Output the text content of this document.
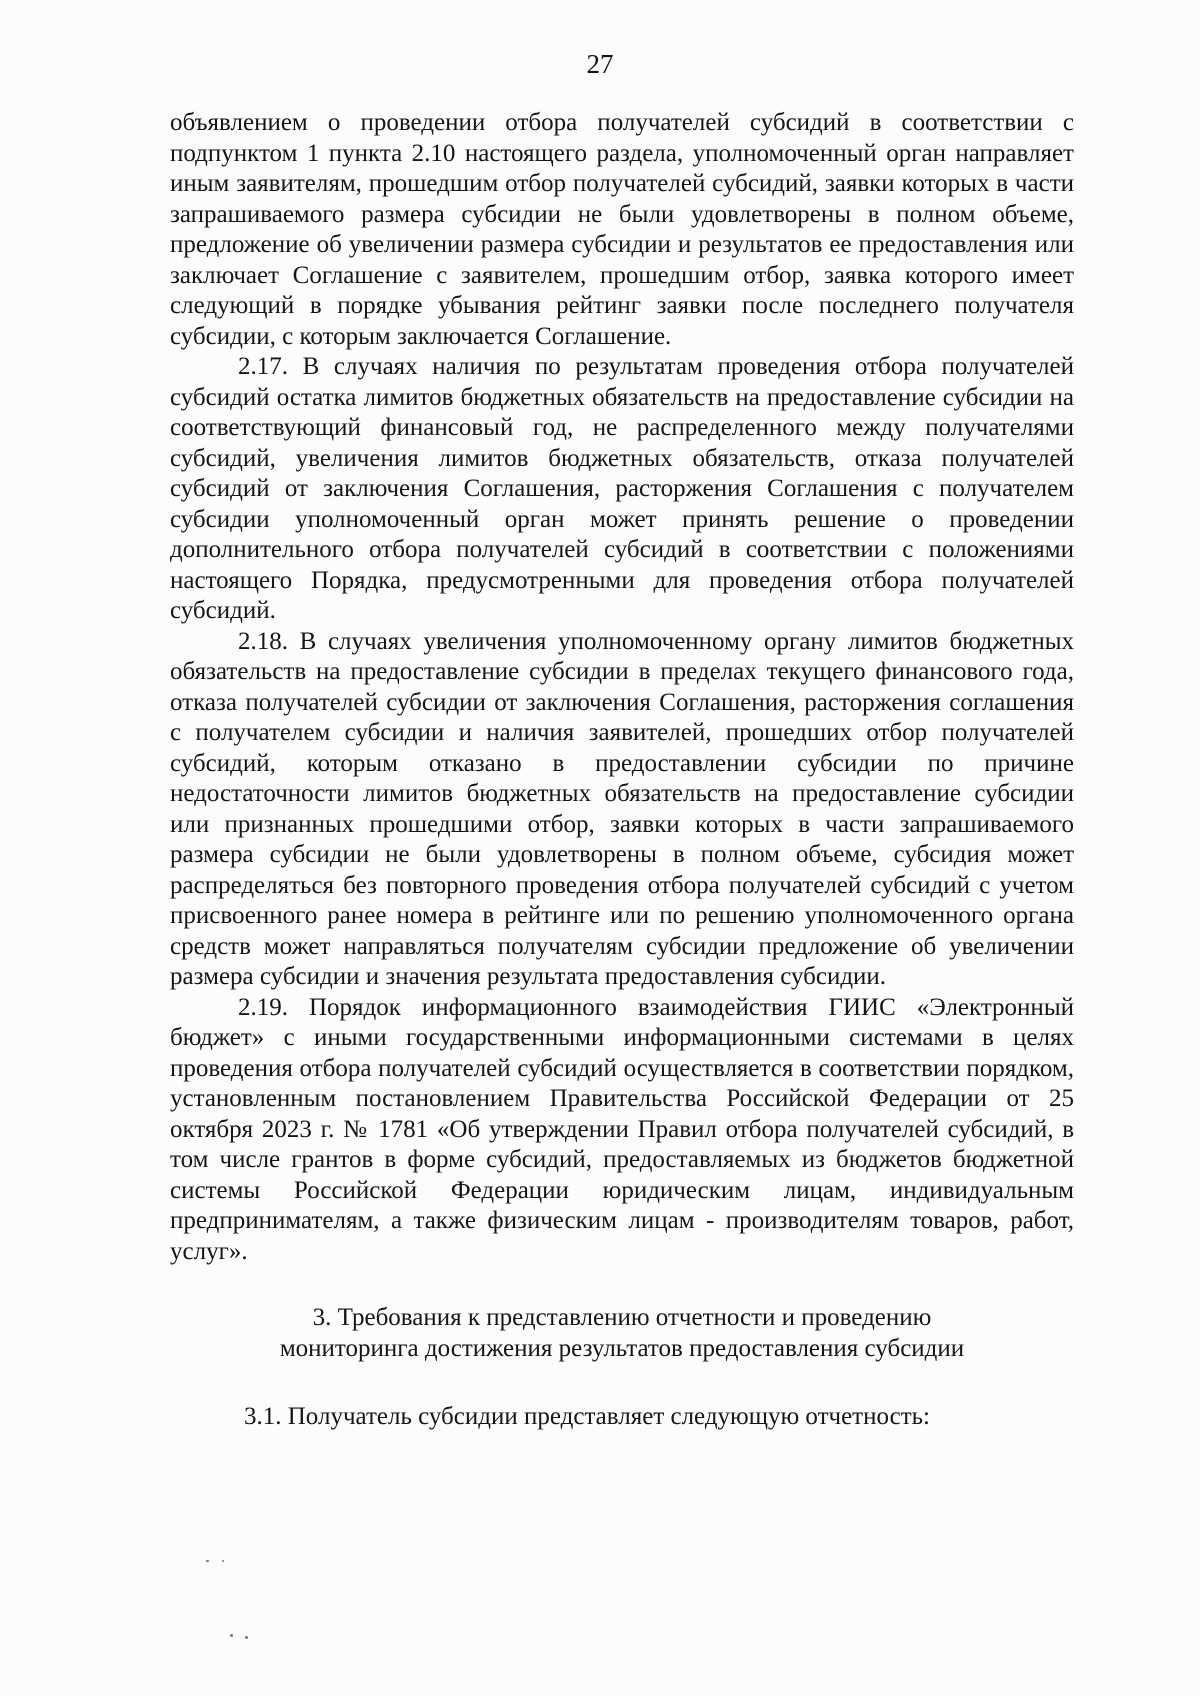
27

объявлением о проведении отбора получателей субсидий в соответствии с подпунктом 1 пункта 2.10 настоящего раздела, уполномоченный орган направляет иным заявителям, прошедшим отбор получателей субсидий, заявки которых в части запрашиваемого размера субсидии не были удовлетворены в полном объеме, предложение об увеличении размера субсидии и результатов ее предоставления или заключает Соглашение с заявителем, прошедшим отбор, заявка которого имеет следующий в порядке убывания рейтинг заявки после последнего получателя субсидии, с которым заключается Соглашение.

2.17. В случаях наличия по результатам проведения отбора получателей субсидий остатка лимитов бюджетных обязательств на предоставление субсидии на соответствующий финансовый год, не распределенного между получателями субсидий, увеличения лимитов бюджетных обязательств, отказа получателей субсидий от заключения Соглашения, расторжения Соглашения с получателем субсидии уполномоченный орган может принять решение о проведении дополнительного отбора получателей субсидий в соответствии с положениями настоящего Порядка, предусмотренными для проведения отбора получателей субсидий.

2.18. В случаях увеличения уполномоченному органу лимитов бюджетных обязательств на предоставление субсидии в пределах текущего финансового года, отказа получателей субсидии от заключения Соглашения, расторжения соглашения с получателем субсидии и наличия заявителей, прошедших отбор получателей субсидий, которым отказано в предоставлении субсидии по причине недостаточности лимитов бюджетных обязательств на предоставление субсидии или признанных прошедшими отбор, заявки которых в части запрашиваемого размера субсидии не были удовлетворены в полном объеме, субсидия может распределяться без повторного проведения отбора получателей субсидий с учетом присвоенного ранее номера в рейтинге или по решению уполномоченного органа средств может направляться получателям субсидии предложение об увеличении размера субсидии и значения результата предоставления субсидии.

2.19. Порядок информационного взаимодействия ГИИС «Электронный бюджет» с иными государственными информационными системами в целях проведения отбора получателей субсидий осуществляется в соответствии порядком, установленным постановлением Правительства Российской Федерации от 25 октября 2023 г. № 1781 «Об утверждении Правил отбора получателей субсидий, в том числе грантов в форме субсидий, предоставляемых из бюджетов бюджетной системы Российской Федерации юридическим лицам, индивидуальным предпринимателям, а также физическим лицам - производителям товаров, работ, услуг».

3. Требования к представлению отчетности и проведению
мониторинга достижения результатов предоставления субсидии

3.1. Получатель субсидии представляет следующую отчетность:
